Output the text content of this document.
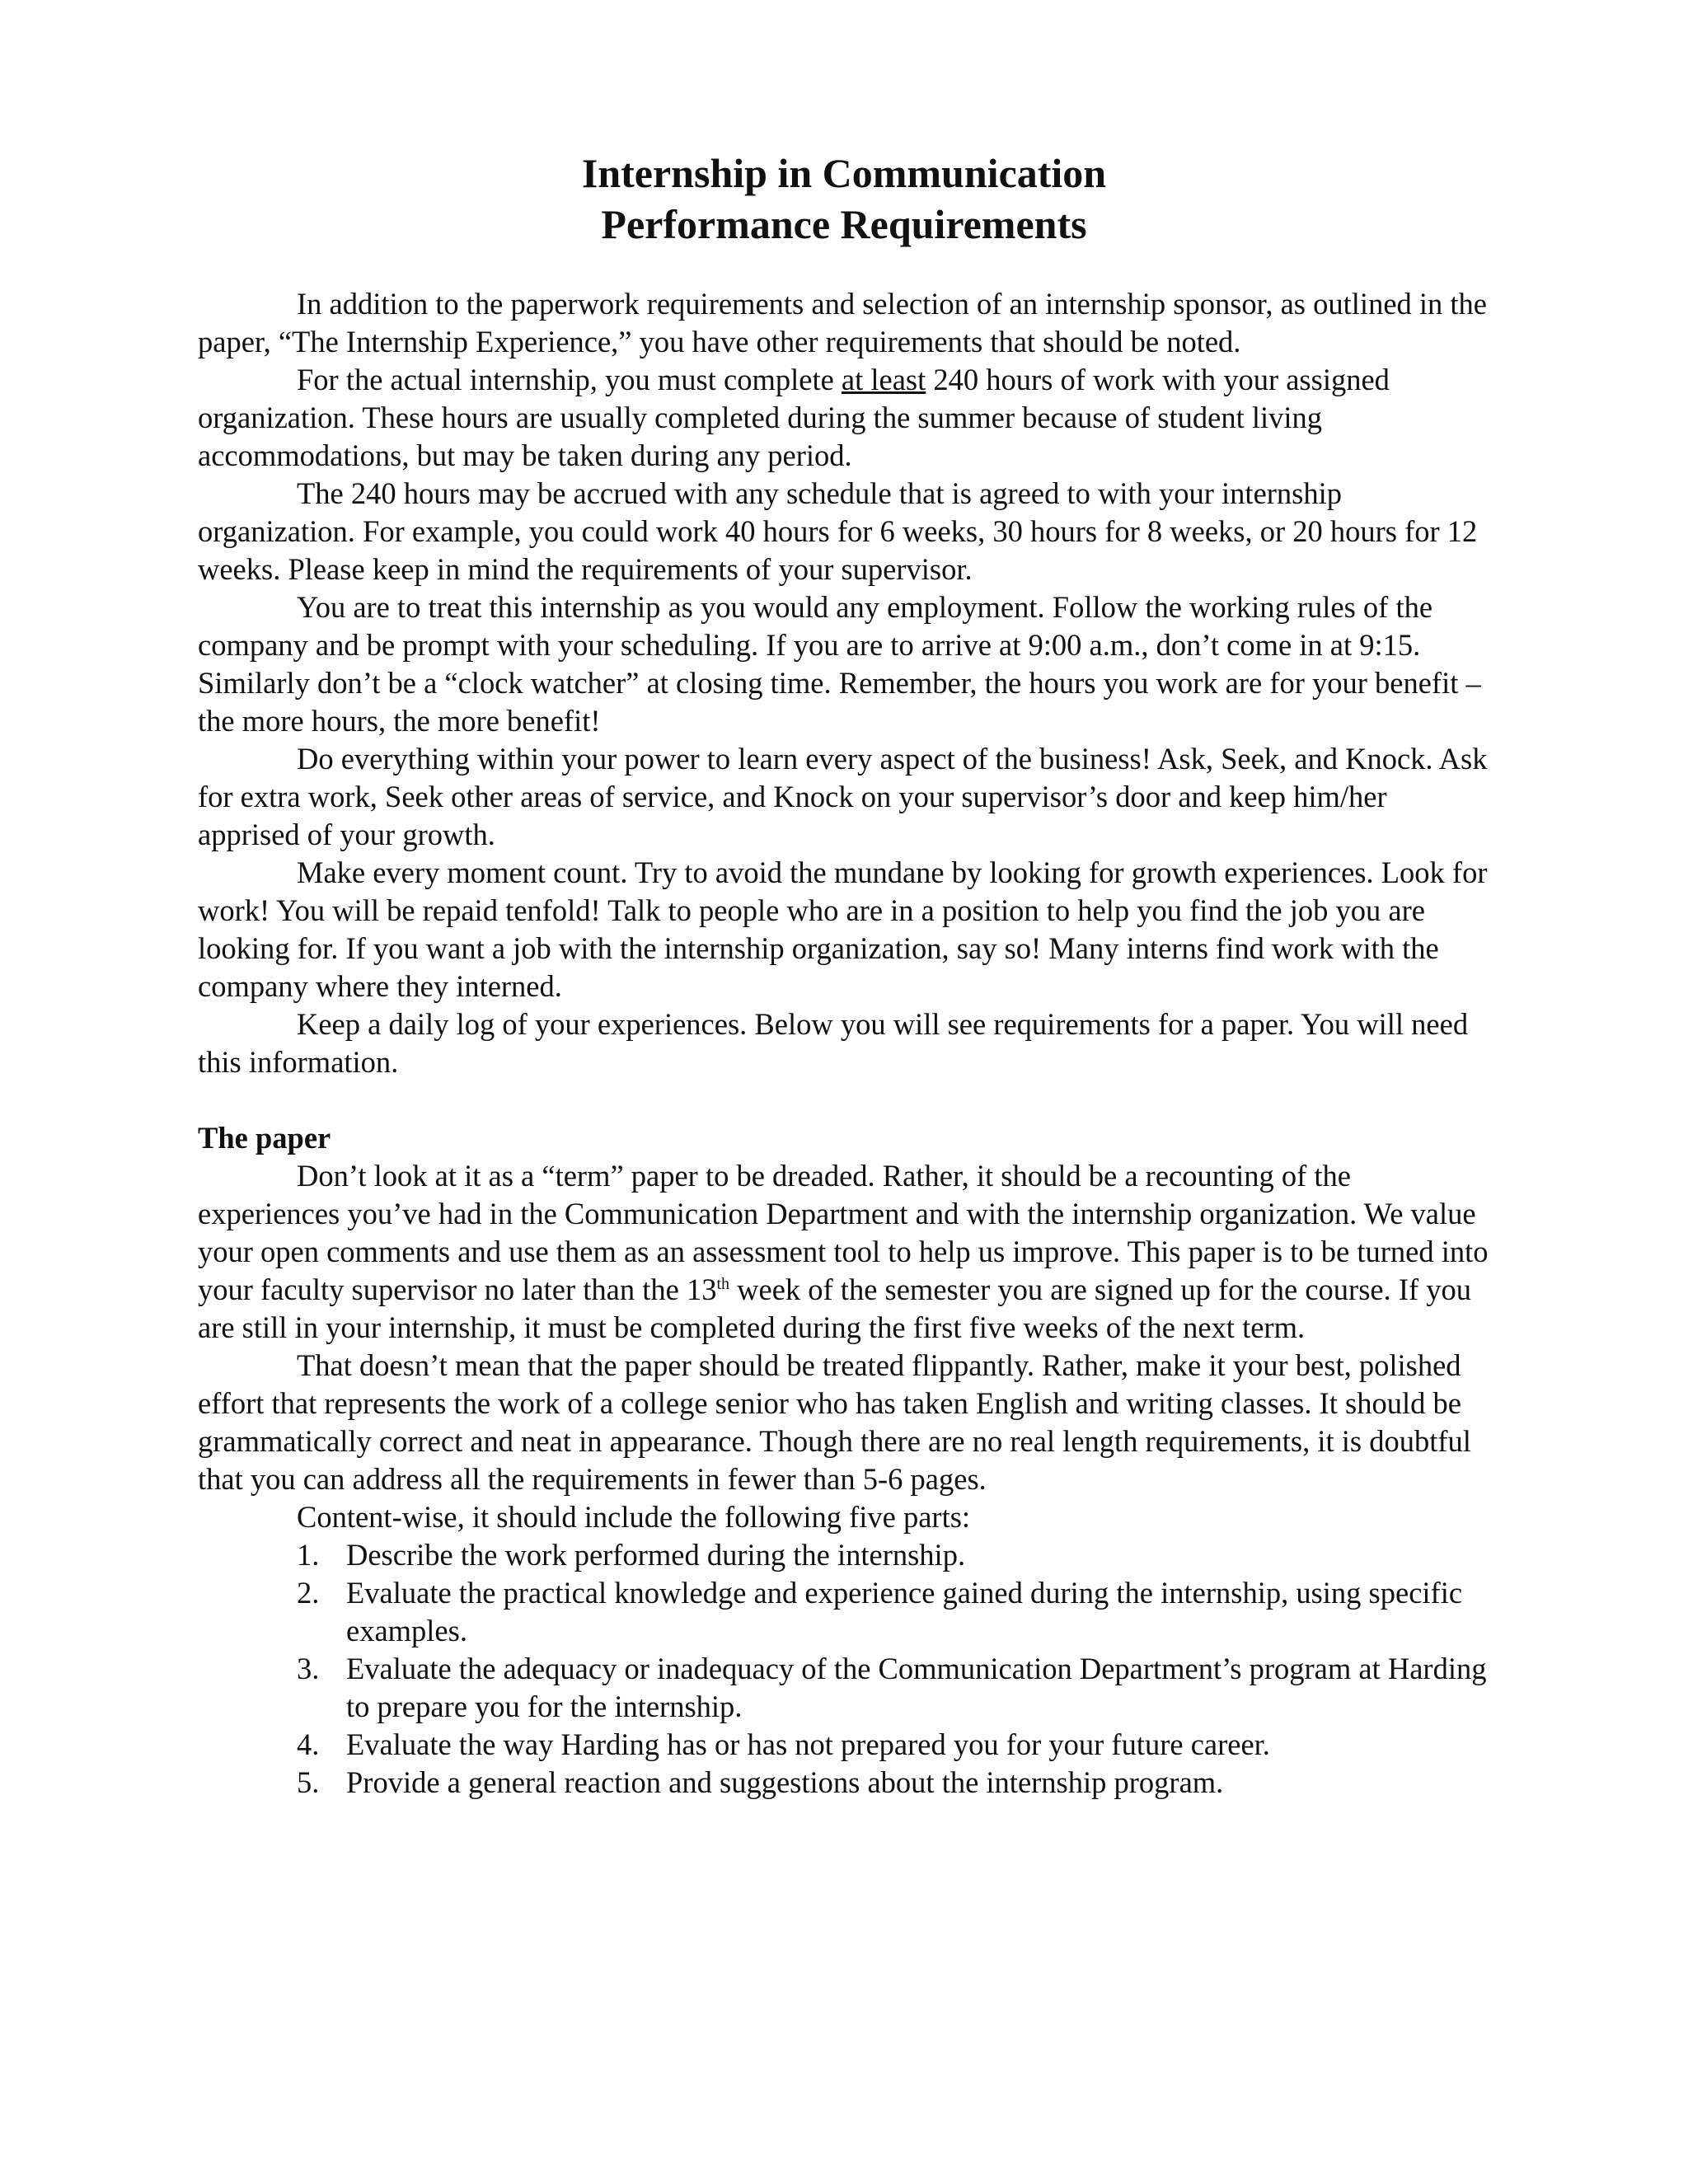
Internship in Communication
Performance Requirements

In addition to the paperwork requirements and selection of an internship sponsor, as outlined in the paper, “The Internship Experience,” you have other requirements that should be noted.

For the actual internship, you must complete at least 240 hours of work with your assigned organization. These hours are usually completed during the summer because of student living accommodations, but may be taken during any period.

The 240 hours may be accrued with any schedule that is agreed to with your internship organization. For example, you could work 40 hours for 6 weeks, 30 hours for 8 weeks, or 20 hours for 12 weeks. Please keep in mind the requirements of your supervisor.

You are to treat this internship as you would any employment. Follow the working rules of the company and be prompt with your scheduling. If you are to arrive at 9:00 a.m., don’t come in at 9:15. Similarly don’t be a “clock watcher” at closing time. Remember, the hours you work are for your benefit – the more hours, the more benefit!

Do everything within your power to learn every aspect of the business! Ask, Seek, and Knock. Ask for extra work, Seek other areas of service, and Knock on your supervisor’s door and keep him/her apprised of your growth.

Make every moment count. Try to avoid the mundane by looking for growth experiences. Look for work! You will be repaid tenfold! Talk to people who are in a position to help you find the job you are looking for. If you want a job with the internship organization, say so! Many interns find work with the company where they interned.

Keep a daily log of your experiences. Below you will see requirements for a paper. You will need this information.

The paper

Don’t look at it as a “term” paper to be dreaded. Rather, it should be a recounting of the experiences you’ve had in the Communication Department and with the internship organization. We value your open comments and use them as an assessment tool to help us improve. This paper is to be turned into your faculty supervisor no later than the 13th week of the semester you are signed up for the course. If you are still in your internship, it must be completed during the first five weeks of the next term.

That doesn’t mean that the paper should be treated flippantly. Rather, make it your best, polished effort that represents the work of a college senior who has taken English and writing classes. It should be grammatically correct and neat in appearance. Though there are no real length requirements, it is doubtful that you can address all the requirements in fewer than 5-6 pages.

Content-wise, it should include the following five parts:

1. Describe the work performed during the internship.
2. Evaluate the practical knowledge and experience gained during the internship, using specific examples.
3. Evaluate the adequacy or inadequacy of the Communication Department’s program at Harding to prepare you for the internship.
4. Evaluate the way Harding has or has not prepared you for your future career.
5. Provide a general reaction and suggestions about the internship program.
